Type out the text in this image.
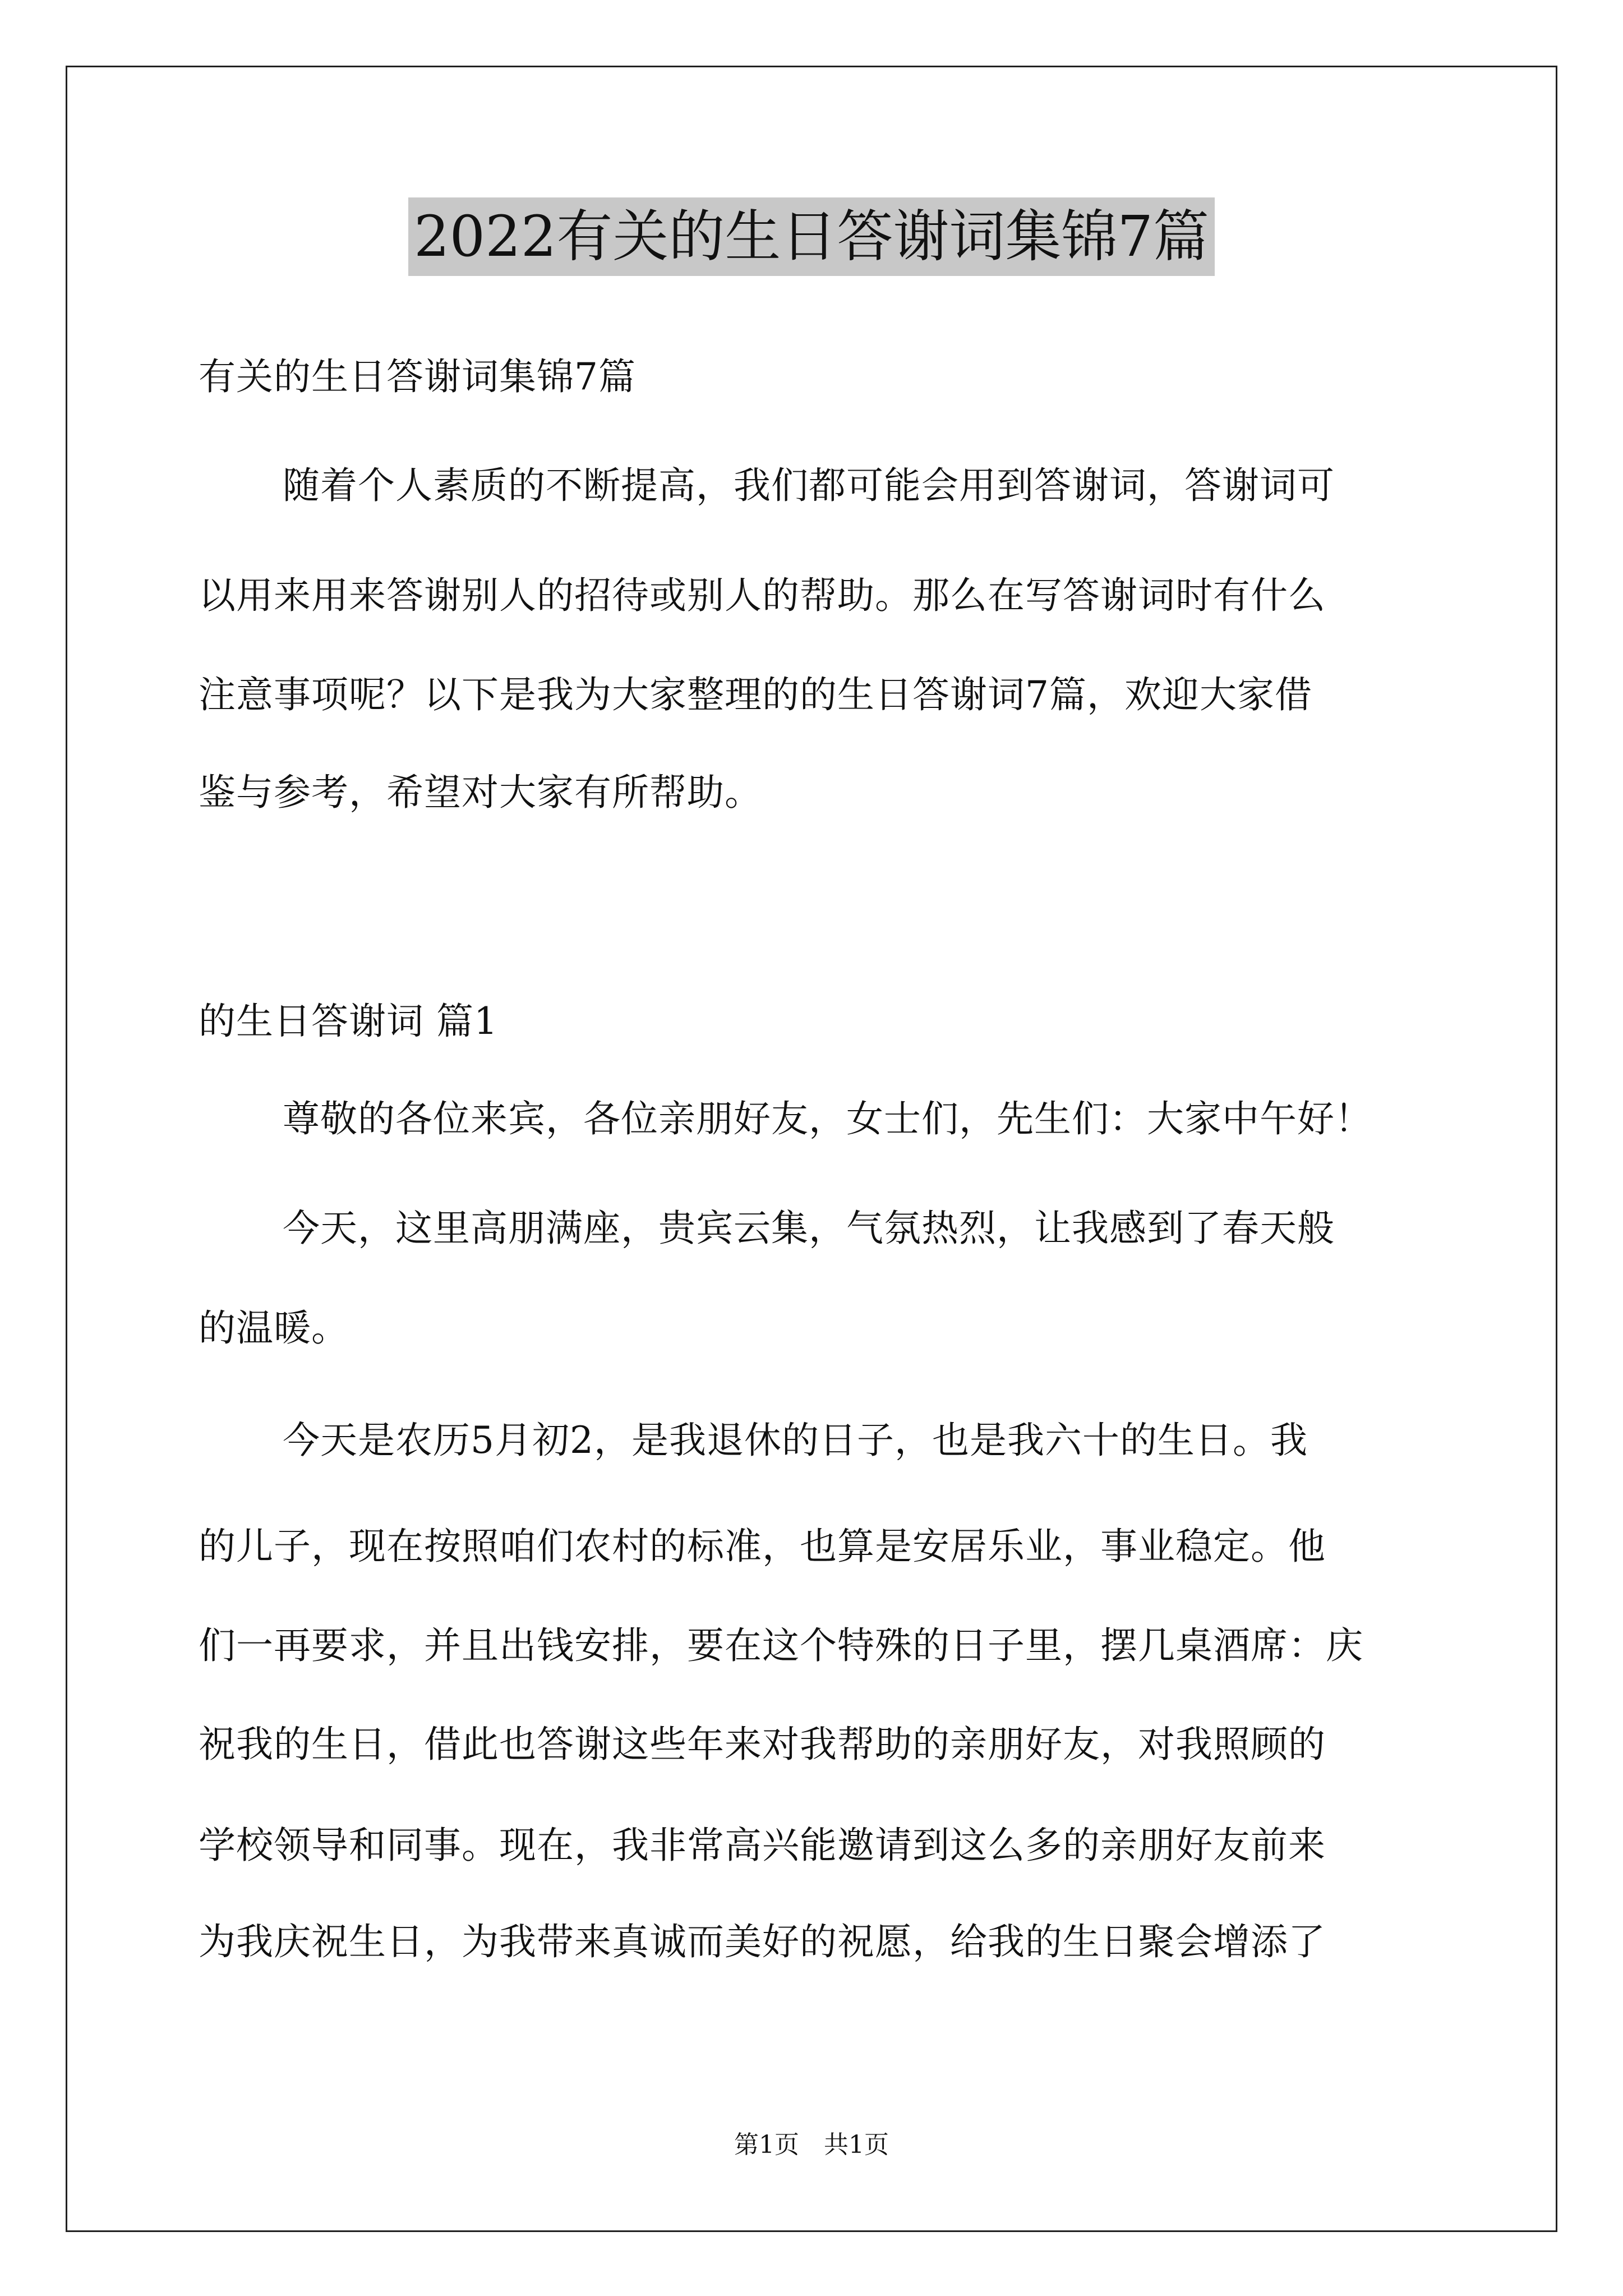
2022有关的生日答谢词集锦7篇
有关的生日答谢词集锦7篇
随着个人素质的不断提高，我们都可能会用到答谢词，答谢词可
以用来用来答谢别人的招待或别人的帮助。那么在写答谢词时有什么
注意事项呢？以下是我为大家整理的的生日答谢词7篇，欢迎大家借
鉴与参考，希望对大家有所帮助。
的生日答谢词 篇1
尊敬的各位来宾，各位亲朋好友，女士们，先生们：大家中午好！
今天，这里高朋满座，贵宾云集，气氛热烈，让我感到了春天般
的温暖。
今天是农历5月初2，是我退休的日子，也是我六十的生日。我
的儿子，现在按照咱们农村的标准，也算是安居乐业，事业稳定。他
们一再要求，并且出钱安排，要在这个特殊的日子里，摆几桌酒席：庆
祝我的生日，借此也答谢这些年来对我帮助的亲朋好友，对我照顾的
学校领导和同事。现在，我非常高兴能邀请到这么多的亲朋好友前来
为我庆祝生日，为我带来真诚而美好的祝愿，给我的生日聚会增添了
第1页　共1页
